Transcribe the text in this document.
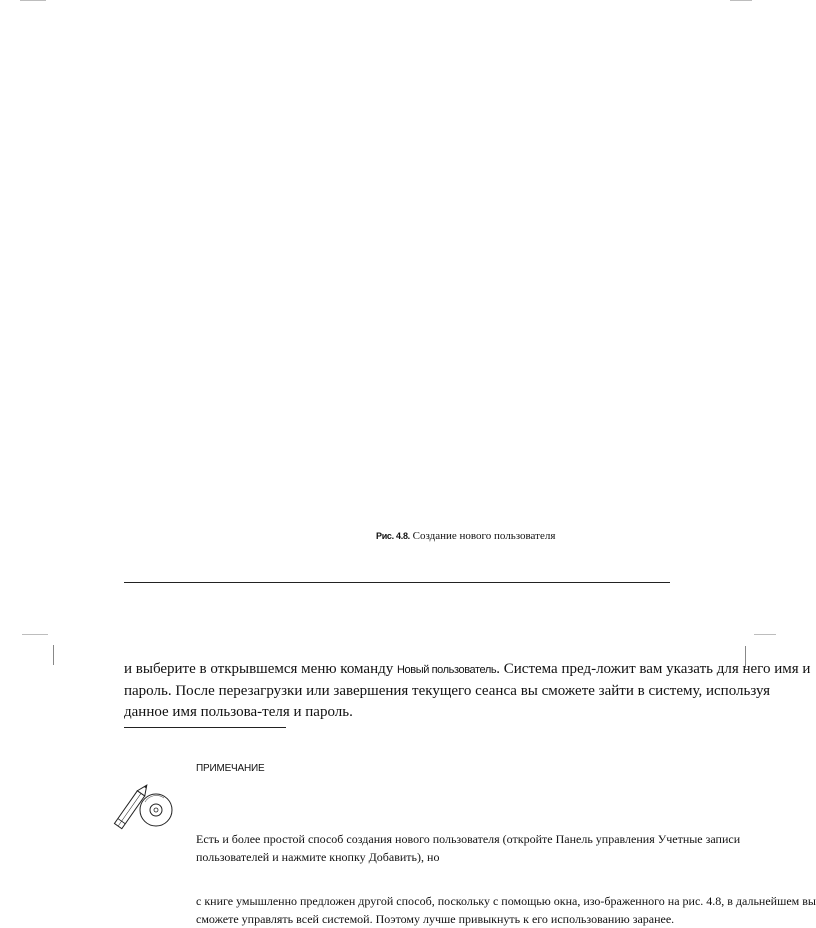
Рис. 4.8. Создание нового пользователя
и выберите в открывшемся меню команду Новый пользователь. Система пред-ложит вам указать для него имя и пароль. После перезагрузки или завершения текущего сеанса вы сможете зайти в систему, используя данное имя пользова-теля и пароль.
ПРИМЕЧАНИЕ
Есть и более простой способ создания нового пользователя (откройте Панель управления Учетные записи пользователей и нажмите кнопку Добавить), но
с книге умышленно предложен другой способ, поскольку с помощью окна, изо-браженного на рис. 4.8, в дальнейшем вы сможете управлять всей системой. Поэтому лучше привыкнуть к его использованию заранее.
